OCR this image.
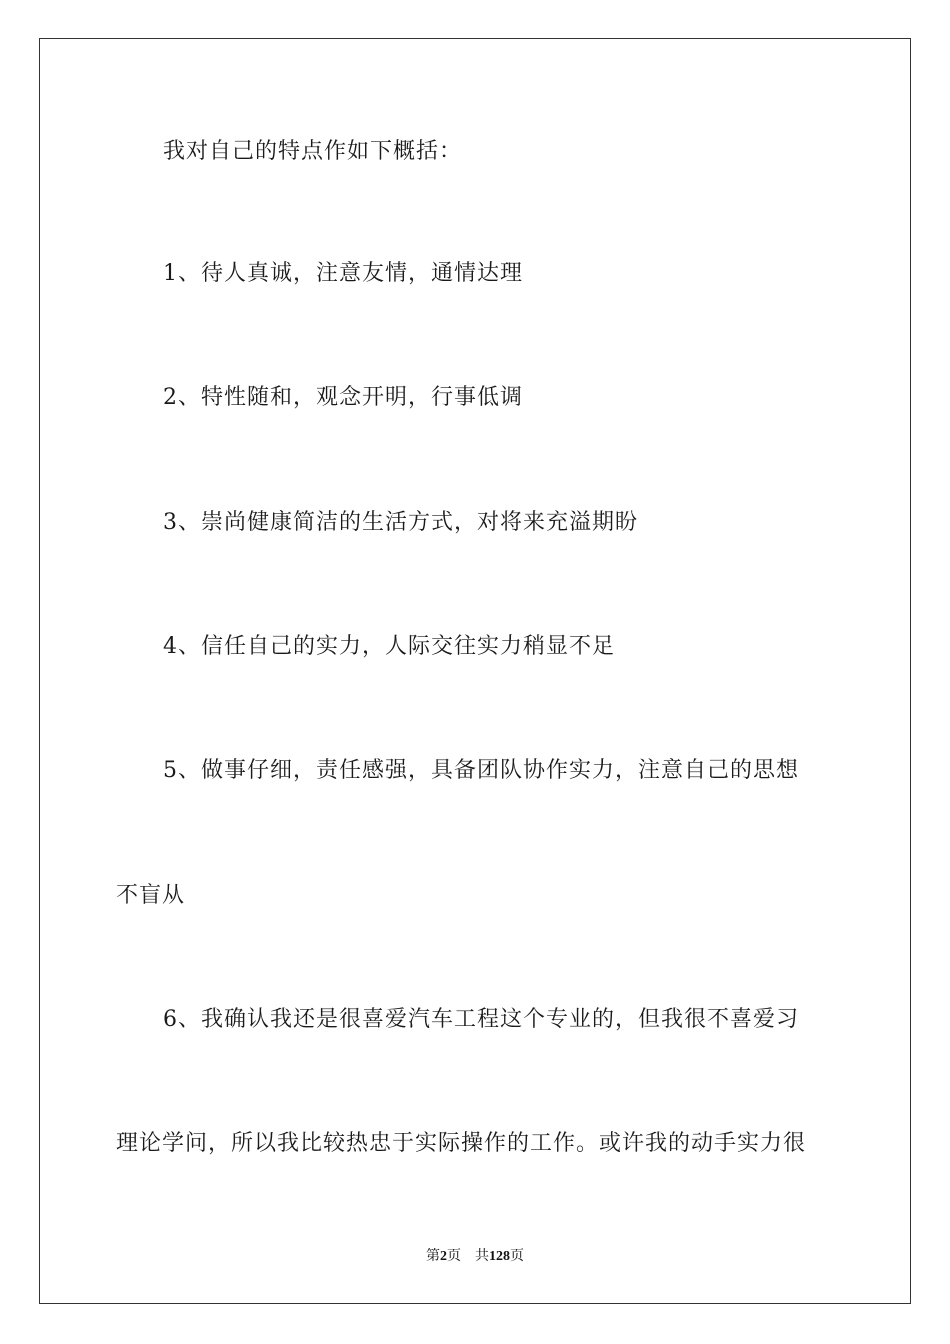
我对自己的特点作如下概括：
1、待人真诚，注意友情，通情达理
2、特性随和，观念开明，行事低调
3、崇尚健康简洁的生活方式，对将来充溢期盼
4、信任自己的实力，人际交往实力稍显不足
5、做事仔细，责任感强，具备团队协作实力，注意自己的思想
不盲从
6、我确认我还是很喜爱汽车工程这个专业的，但我很不喜爱习
理论学问，所以我比较热忠于实际操作的工作。或许我的动手实力很
第2页 共128页
